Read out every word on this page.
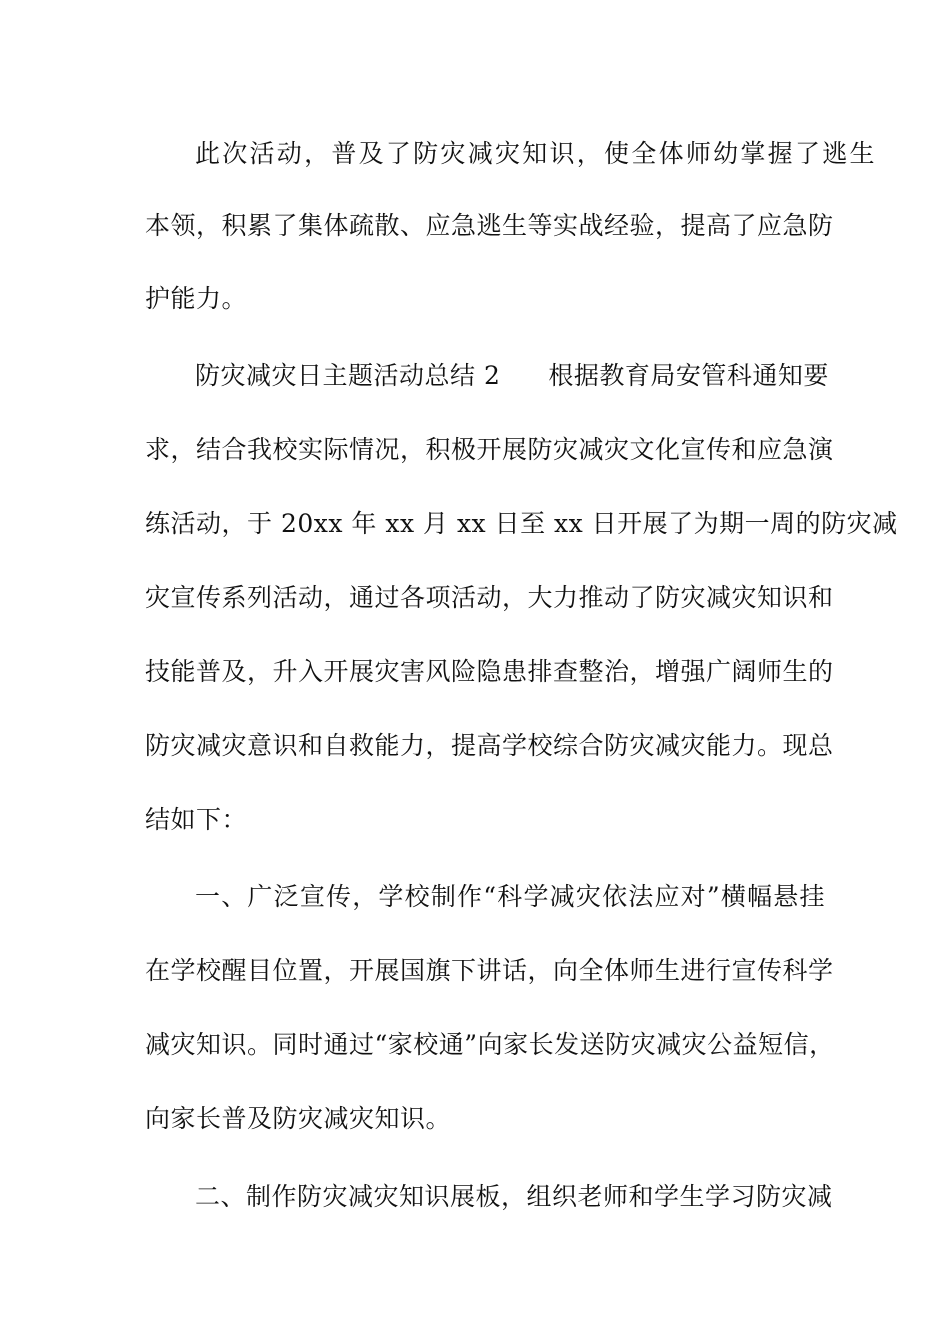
此次活动，普及了防灾减灾知识，使全体师幼掌握了逃生
本领，积累了集体疏散、应急逃生等实战经验，提高了应急防
护能力。
防灾减灾日主题活动总结 2 根据教育局安管科通知要
求，结合我校实际情况，积极开展防灾减灾文化宣传和应急演
练活动，于 20xx 年 xx 月 xx 日至 xx 日开展了为期一周的防灾减
灾宣传系列活动，通过各项活动，大力推动了防灾减灾知识和
技能普及，升入开展灾害风险隐患排查整治，增强广阔师生的
防灾减灾意识和自救能力，提高学校综合防灾减灾能力。现总
结如下：
一、广泛宣传，学校制作“科学减灾依法应对”横幅悬挂
在学校醒目位置，开展国旗下讲话，向全体师生进行宣传科学
减灾知识。同时通过“家校通”向家长发送防灾减灾公益短信，
向家长普及防灾减灾知识。
二、制作防灾减灾知识展板，组织老师和学生学习防灾减
